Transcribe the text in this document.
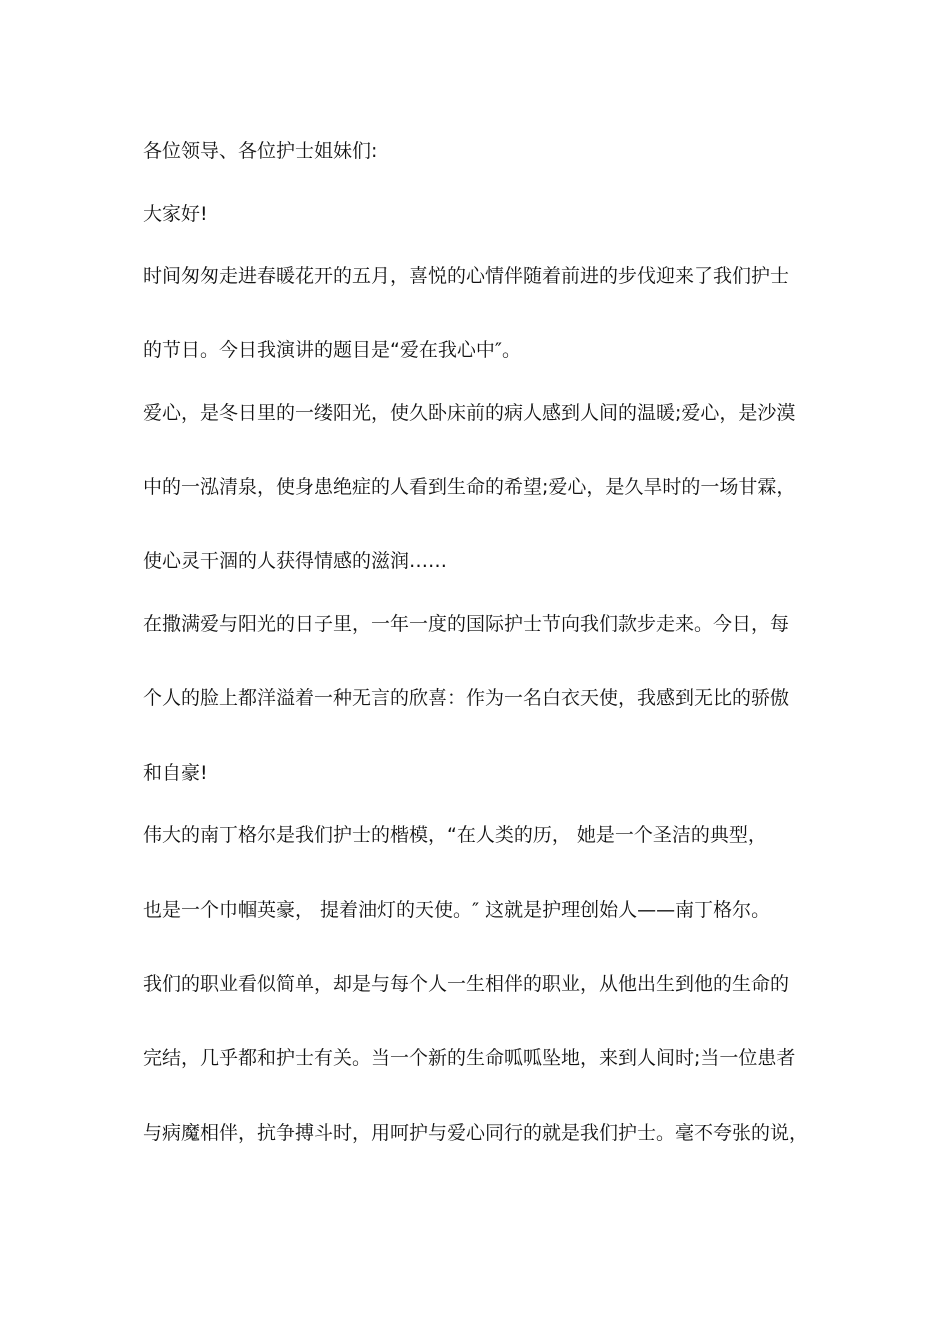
各位领导、各位护士姐妹们:
大家好!
时间匆匆走进春暖花开的五月，喜悦的心情伴随着前进的步伐迎来了我们护士
的节日。今日我演讲的题目是“爱在我心中″。
爱心，是冬日里的一缕阳光，使久卧床前的病人感到人间的温暖;爱心，是沙漠
中的一泓清泉，使身患绝症的人看到生命的希望;爱心，是久旱时的一场甘霖，
使心灵干涸的人获得情感的滋润……
在撒满爱与阳光的日子里，一年一度的国际护士节向我们款步走来。今日，每
个人的脸上都洋溢着一种无言的欣喜：作为一名白衣天使，我感到无比的骄傲
和自豪!
伟大的南丁格尔是我们护士的楷模，“在人类的历， 她是一个圣洁的典型，
也是一个巾帼英豪， 提着油灯的天使。″ 这就是护理创始人——南丁格尔。
我们的职业看似简单，却是与每个人一生相伴的职业，从他出生到他的生命的
完结，几乎都和护士有关。当一个新的生命呱呱坠地，来到人间时;当一位患者
与病魔相伴，抗争搏斗时，用呵护与爱心同行的就是我们护士。毫不夸张的说，
